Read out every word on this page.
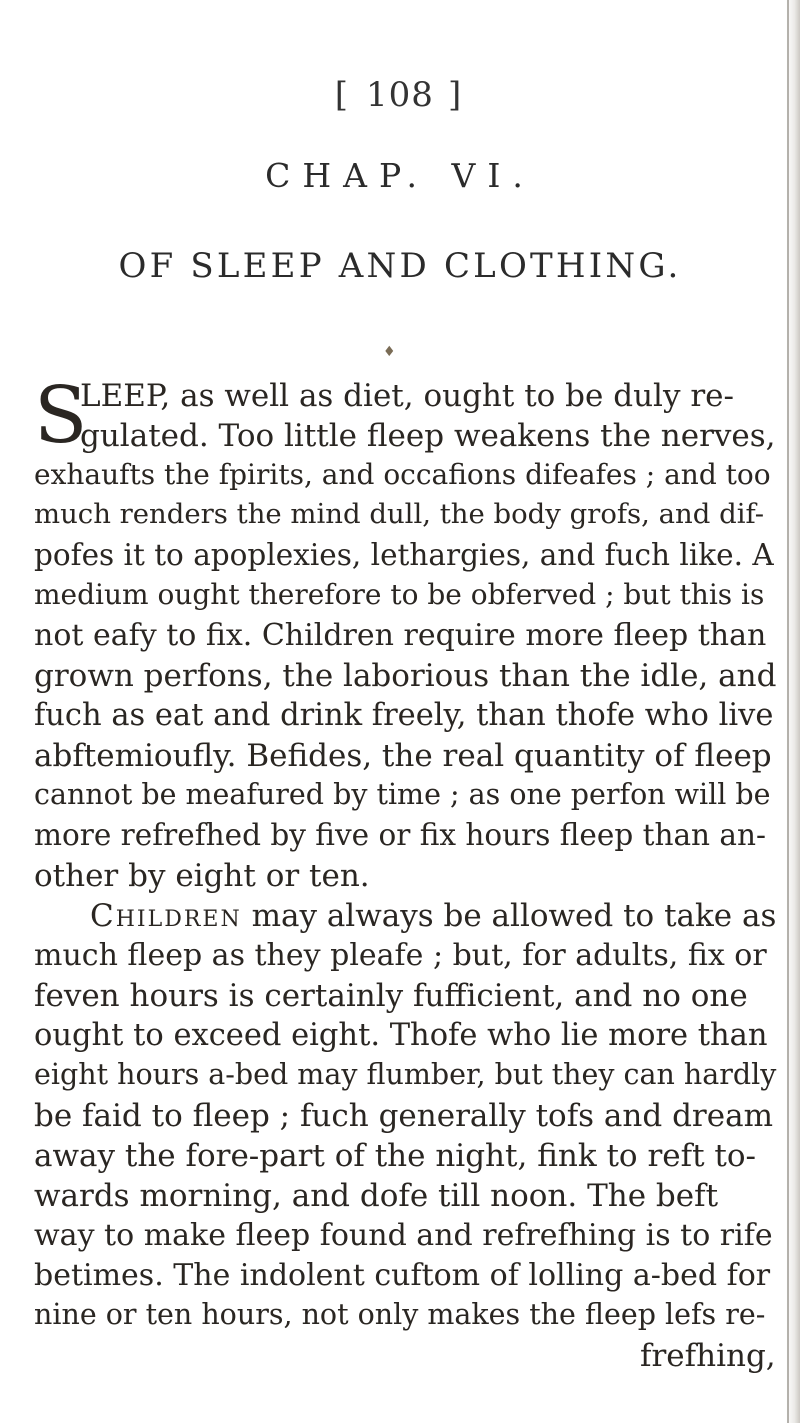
[ 108 ]
CHAP. VI.
OF SLEEP AND CLOTHING.
♦
S
LEEP, as well as diet, ought to be duly re-
gulated. Too little fleep weakens the nerves,
exhaufts the fpirits, and occafions difeafes ; and too
much renders the mind dull, the body grofs, and dif-
pofes it to apoplexies, lethargies, and fuch like. A
medium ought therefore to be obferved ; but this is
not eafy to fix. Children require more fleep than
grown perfons, the laborious than the idle, and
fuch as eat and drink freely, than thofe who live
abftemioufly. Befides, the real quantity of fleep
cannot be meafured by time ; as one perfon will be
more refrefhed by five or fix hours fleep than an-
other by eight or ten.
Children may always be allowed to take as
much fleep as they pleafe ; but, for adults, fix or
feven hours is certainly fufficient, and no one
ought to exceed eight. Thofe who lie more than
eight hours a-bed may flumber, but they can hardly
be faid to fleep ; fuch generally tofs and dream
away the fore-part of the night, fink to reft to-
wards morning, and dofe till noon. The beft
way to make fleep found and refrefhing is to rife
betimes. The indolent cuftom of lolling a-bed for
nine or ten hours, not only makes the fleep lefs re-
frefhing,
